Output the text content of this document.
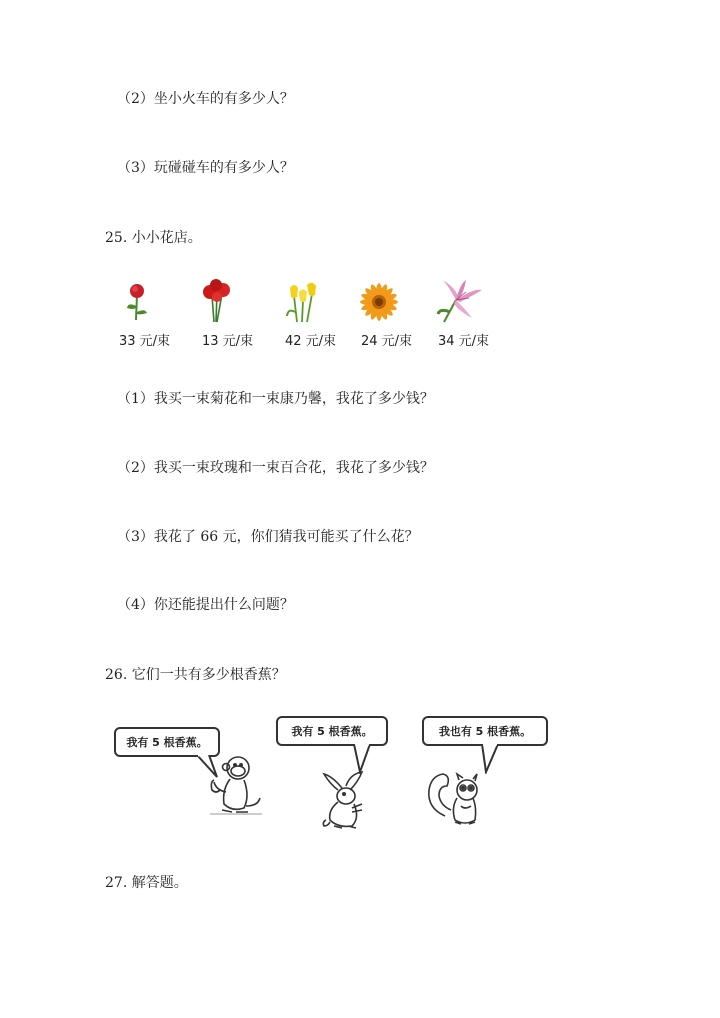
（2）坐小火车的有多少人？
（3）玩碰碰车的有多少人？
25. 小小花店。
33 元/束 13 元/束 42 元/束 24 元/束 34 元/束
（1）我买一束菊花和一束康乃馨，我花了多少钱？
（2）我买一束玫瑰和一束百合花，我花了多少钱？
（3）我花了 66 元，你们猜我可能买了什么花？
（4）你还能提出什么问题？
26. 它们一共有多少根香蕉？
我有 5 根香蕉。
我有 5 根香蕉。	我也有 5 根香蕉。
27. 解答题。
